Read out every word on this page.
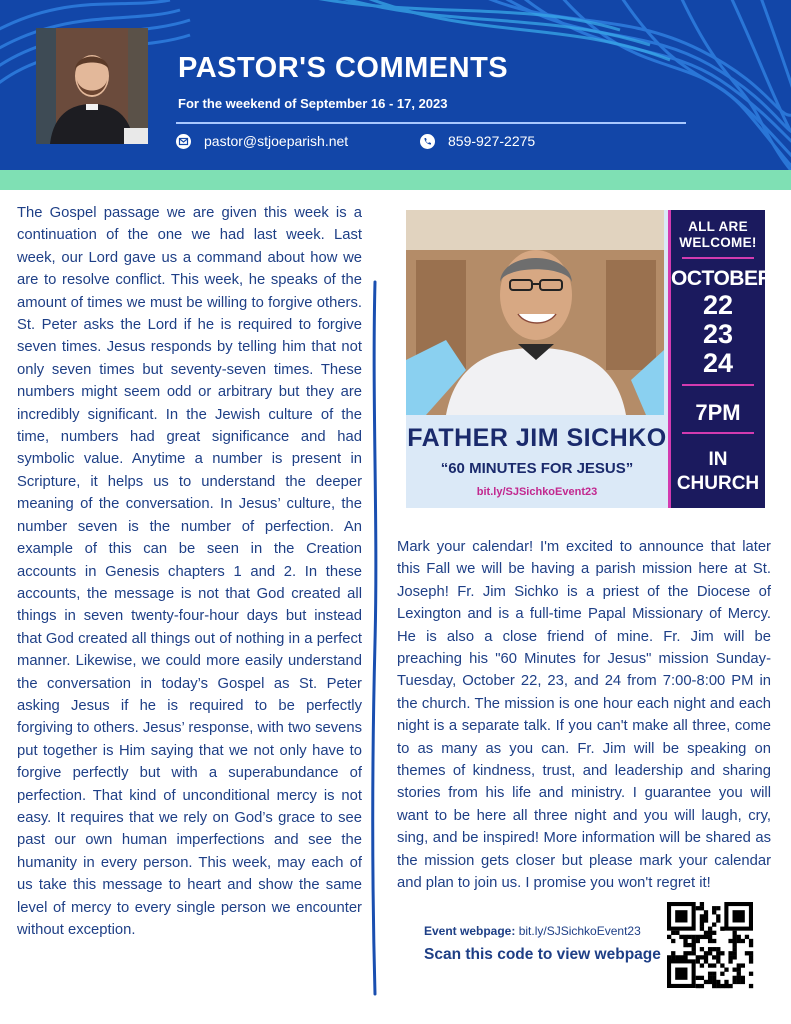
PASTOR'S COMMENTS
For the weekend of September 16 - 17, 2023
pastor@stjoeparish.net	859-927-2275

The Gospel passage we are given this week is a continuation of the one we had last week. Last week, our Lord gave us a command about how we are to resolve conflict. This week, he speaks of the amount of times we must be willing to forgive others. St. Peter asks the Lord if he is required to forgive seven times. Jesus responds by telling him that not only seven times but seventy-seven times. These numbers might seem odd or arbitrary but they are incredibly significant. In the Jewish culture of the time, numbers had great significance and had symbolic value. Anytime a number is present in Scripture, it helps us to understand the deeper meaning of the conversation. In Jesus’ culture, the number seven is the number of perfection. An example of this can be seen in the Creation accounts in Genesis chapters 1 and 2. In these accounts, the message is not that God created all things in seven twenty-four-hour days but instead that God created all things out of nothing in a perfect manner. Likewise, we could more easily understand the conversation in today’s Gospel as St. Peter asking Jesus if he is required to be perfectly forgiving to others. Jesus’ response, with two sevens put together is Him saying that we not only have to forgive perfectly but with a superabundance of perfection. That kind of unconditional mercy is not easy. It requires that we rely on God’s grace to see past our own human imperfections and see the humanity in every person. This week, may each of us take this message to heart and show the same level of mercy to every single person we encounter without exception.

ALL ARE WELCOME!
OCTOBER
22
23
24
7PM
IN CHURCH
FATHER JIM SICHKO
“60 MINUTES FOR JESUS”
bit.ly/SJSichkoEvent23

Mark your calendar! I'm excited to announce that later this Fall we will be having a parish mission here at St. Joseph! Fr. Jim Sichko is a priest of the Diocese of Lexington and is a full-time Papal Missionary of Mercy. He is also a close friend of mine. Fr. Jim will be preaching his "60 Minutes for Jesus" mission Sunday-Tuesday, October 22, 23, and 24 from 7:00-8:00 PM in the church. The mission is one hour each night and each night is a separate talk. If you can't make all three, come to as many as you can. Fr. Jim will be speaking on themes of kindness, trust, and leadership and sharing stories from his life and ministry. I guarantee you will want to be here all three night and you will laugh, cry, sing, and be inspired! More information will be shared as the mission gets closer but please mark your calendar and plan to join us. I promise you won't regret it!

Event webpage: bit.ly/SJSichkoEvent23
Scan this code to view webpage
